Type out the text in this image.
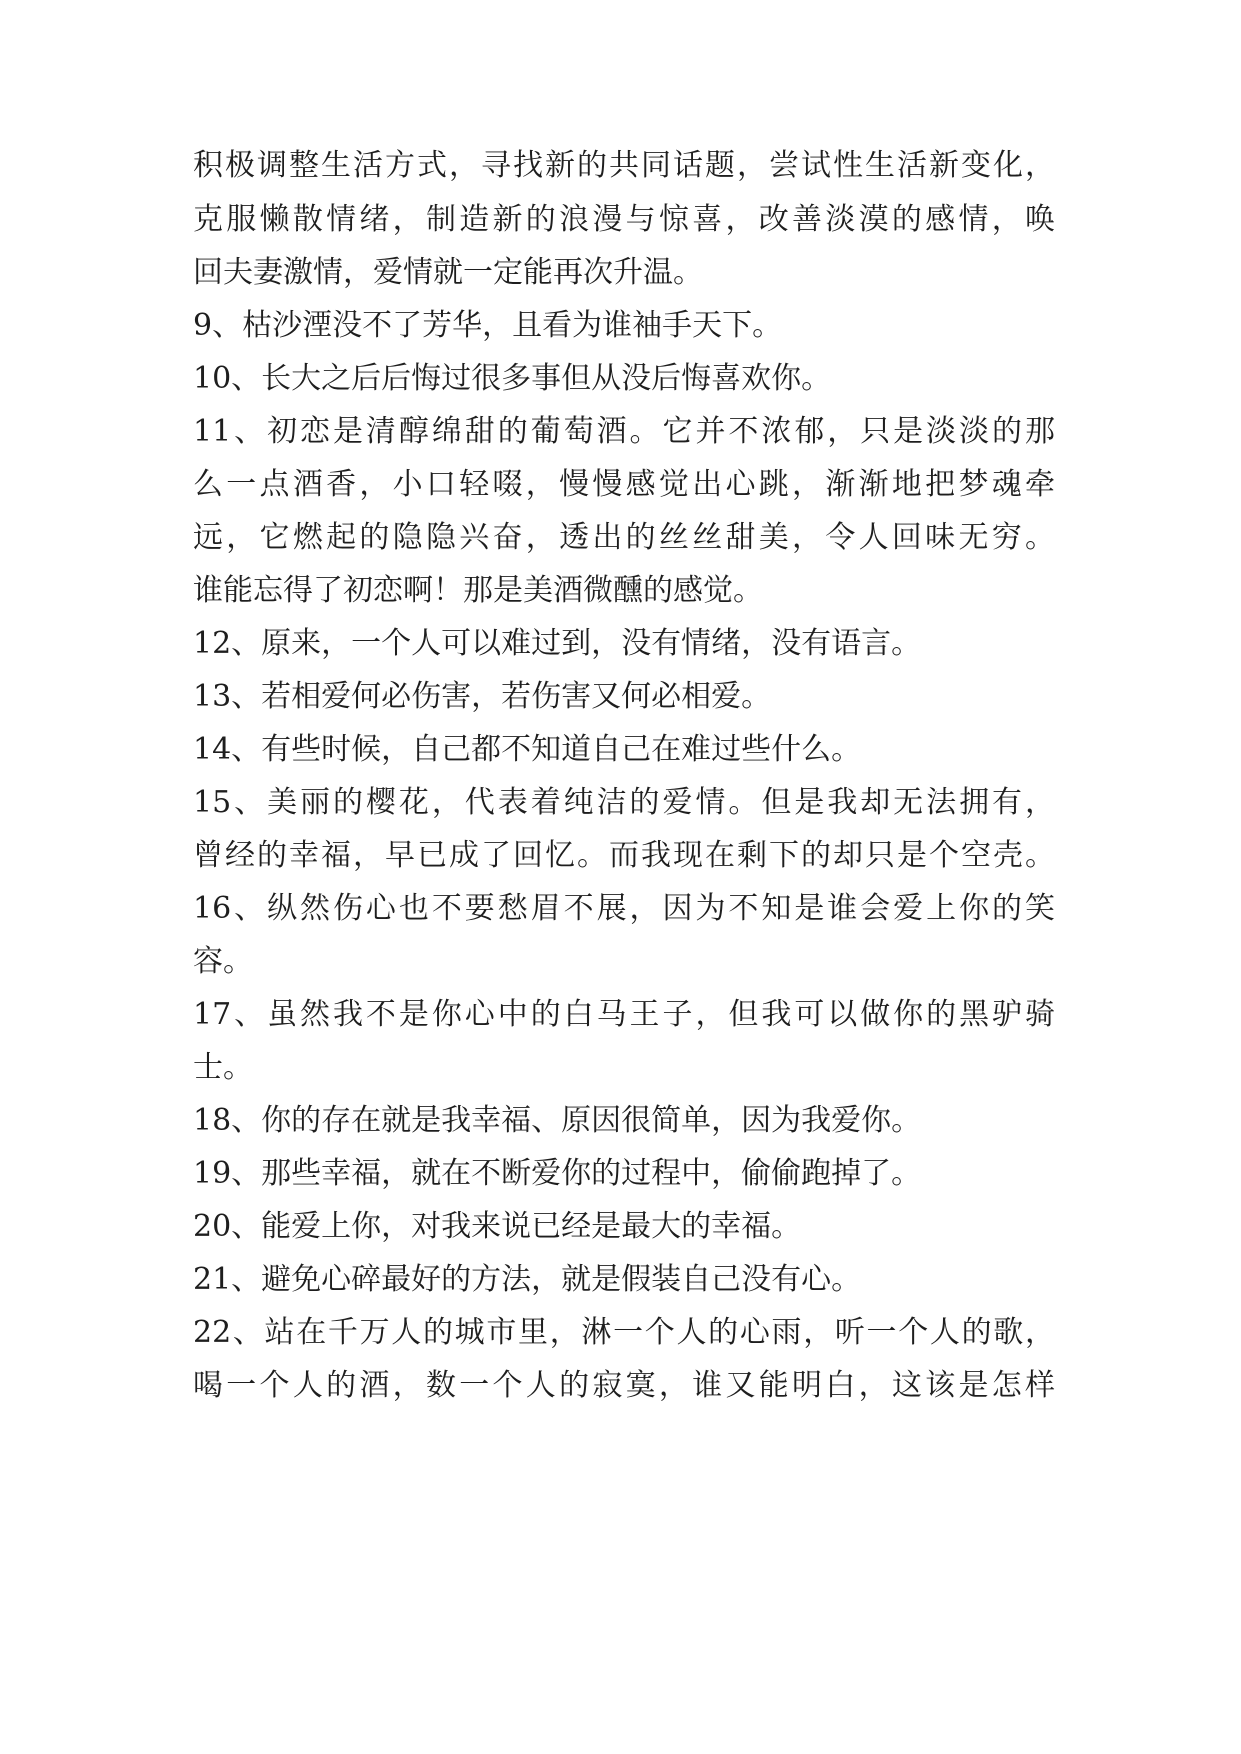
积极调整生活方式，寻找新的共同话题，尝试性生活新变化，
克服懒散情绪，制造新的浪漫与惊喜，改善淡漠的感情，唤
回夫妻激情，爱情就一定能再次升温。
9、枯沙湮没不了芳华，且看为谁袖手天下。
10、长大之后后悔过很多事但从没后悔喜欢你。
11、初恋是清醇绵甜的葡萄酒。它并不浓郁，只是淡淡的那
么一点酒香，小口轻啜，慢慢感觉出心跳，渐渐地把梦魂牵
远，它燃起的隐隐兴奋，透出的丝丝甜美，令人回味无穷。
谁能忘得了初恋啊！那是美酒微醺的感觉。
12、原来，一个人可以难过到，没有情绪，没有语言。
13、若相爱何必伤害，若伤害又何必相爱。
14、有些时候，自己都不知道自己在难过些什么。
15、美丽的樱花，代表着纯洁的爱情。但是我却无法拥有，
曾经的幸福，早已成了回忆。而我现在剩下的却只是个空壳。
16、纵然伤心也不要愁眉不展，因为不知是谁会爱上你的笑
容。
17、虽然我不是你心中的白马王子，但我可以做你的黑驴骑
士。
18、你的存在就是我幸福、原因很简单，因为我爱你。
19、那些幸福，就在不断爱你的过程中，偷偷跑掉了。
20、能爱上你，对我来说已经是最大的幸福。
21、避免心碎最好的方法，就是假装自己没有心。
22、站在千万人的城市里，淋一个人的心雨，听一个人的歌，
喝一个人的酒，数一个人的寂寞，谁又能明白，这该是怎样
